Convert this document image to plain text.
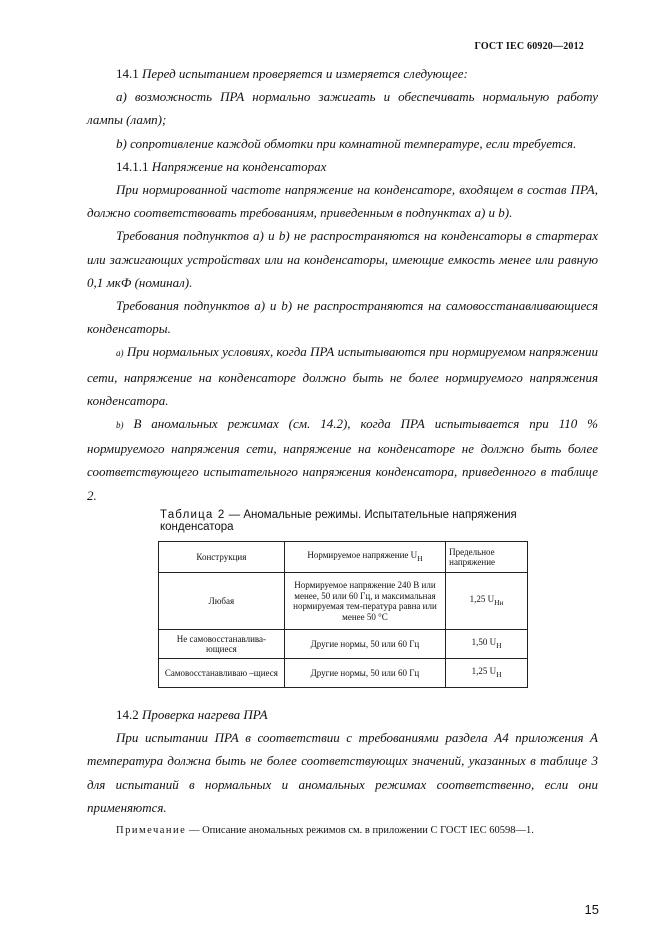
ГОСТ IEC 60920—2012

14.1 Перед испытанием проверяется и измеряется следующее:

a) возможность ПРА нормально зажигать и обеспечивать нормальную работу лампы (ламп);

b) сопротивление каждой обмотки при комнатной температуре, если требуется.

14.1.1 Напряжение на конденсаторах

При нормированной частоте напряжение на конденсаторе, входящем в состав ПРА, должно соответствовать требованиям, приведенным в подпунктах a) и b).

Требования подпунктов a) и b) не распространяются на конденсаторы в стартерах или зажигающих устройствах или на конденсаторы, имеющие емкость менее или равную 0,1 мкФ (номинал).

Требования подпунктов a) и b) не распространяются на самовосстанавливающиеся конденсаторы.

a) При нормальных условиях, когда ПРА испытываются при нормируемом напряжении сети, напряжение на конденсаторе должно быть не более нормируемого напряжения конденсатора.

b) В аномальных режимах (см. 14.2), когда ПРА испытывается при 110 % нормируемого напряжения сети, напряжение на конденсаторе не должно быть более соответствующего испытательного напряжения конденсатора, приведенного в таблице 2.

Таблица 2 — Аномальные режимы. Испытательные напряжения конденсатора
Конструкция	Нормируемое напряжение $U_Н$	Предельное напряжение
Любая	Нормируемое напряжение 240 В или менее, 50 или 60 Гц, и максимальная нормируемая тем-пература равна или менее 50 °С	1,25 $U_{Нн}$
Не самовосстанавлива-ющиеся	Другие нормы, 50 или 60 Гц	1,50 $U_Н$
Самовосстанавливаю –щиеся	Другие нормы, 50 или 60 Гц	1,25 $U_Н$

14.2 Проверка нагрева ПРА

При испытании ПРА в соответствии с требованиями раздела А4 приложения А температура должна быть не более соответствующих значений, указанных в таблице 3 для испытаний в нормальных и аномальных режимах соответственно, если они применяются.

Примечание — Описание аномальных режимов см. в приложении С ГОСТ IEC 60598—1.
15
